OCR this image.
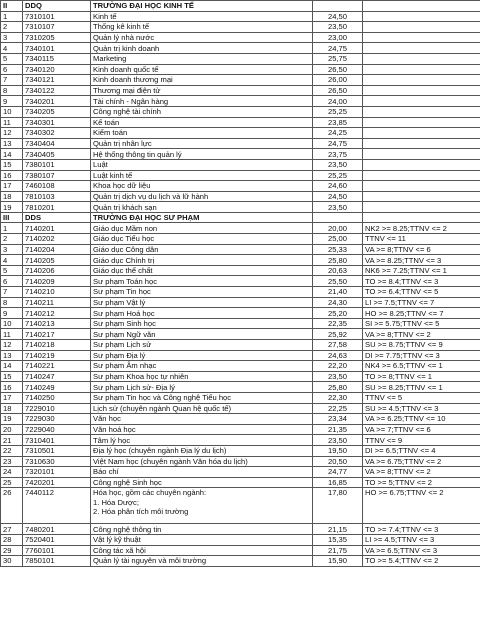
II	DDQ	TRƯỜNG ĐẠI HỌC KINH TẾ		
1	7310101	Kinh tế	24,50	
2	7310107	Thống kê kinh tế	23,50	
3	7310205	Quản lý nhà nước	23,00	
4	7340101	Quản trị kinh doanh	24,75	
5	7340115	Marketing	25,75	
6	7340120	Kinh doanh quốc tế	26,50	
7	7340121	Kinh doanh thương mại	26,00	
8	7340122	Thương mại điện tử	26,50	
9	7340201	Tài chính - Ngân hàng	24,00	
10	7340205	Công nghệ tài chính	25,25	
11	7340301	Kế toán	23,85	
12	7340302	Kiểm toán	24,25	
13	7340404	Quản trị nhân lực	24,75	
14	7340405	Hệ thống thông tin quản lý	23,75	
15	7380101	Luật	23,50	
16	7380107	Luật kinh tế	25,25	
17	7460108	Khoa học dữ liệu	24,60	
18	7810103	Quản trị dịch vụ du lịch và lữ hành	24,50	
19	7810201	Quản trị khách sạn	23,50	
III	DDS	TRƯỜNG ĐẠI HỌC SƯ PHẠM		
1	7140201	Giáo dục Mầm non	20,00	NK2 >= 8.25;TTNV <= 2
2	7140202	Giáo dục Tiểu học	25,00	TTNV <= 11
3	7140204	Giáo dục Công dân	25,33	VA >= 8;TTNV <= 6
4	7140205	Giáo dục Chính trị	25,80	VA >= 8.25;TTNV <= 3
5	7140206	Giáo dục thể chất	20,63	NK6 >= 7.25;TTNV <= 1
6	7140209	Sư phạm Toán học	25,50	TO >= 8.4;TTNV <= 3
7	7140210	Sư phạm Tin học	21,40	TO >= 6.4;TTNV <= 5
8	7140211	Sư phạm Vật lý	24,30	LI >= 7.5;TTNV <= 7
9	7140212	Sư phạm Hoá học	25,20	HO >= 8.25;TTNV <= 7
10	7140213	Sư phạm Sinh học	22,35	SI >= 5.75;TTNV <= 5
11	7140217	Sư phạm Ngữ văn	25,92	VA >= 8;TTNV <= 2
12	7140218	Sư phạm Lịch sử	27,58	SU >= 8.75;TTNV <= 9
13	7140219	Sư phạm Địa lý	24,63	DI >= 7.75;TTNV <= 3
14	7140221	Sư phạm Âm nhạc	22,20	NK4 >= 6.5;TTNV <= 1
15	7140247	Sư phạm Khoa học tự nhiên	23,50	TO >= 8;TTNV <= 1
16	7140249	Sư phạm Lịch sử- Địa lý	25,80	SU >= 8.25;TTNV <= 1
17	7140250	Sư phạm Tin học và Công nghệ Tiểu học	22,30	TTNV <= 5
18	7229010	Lịch sử (chuyên ngành Quan hệ quốc tế)	22,25	SU >= 4.5;TTNV <= 3
19	7229030	Văn học	23,34	VA >= 6.25;TTNV <= 10
20	7229040	Văn hoá học	21,35	VA >= 7;TTNV <= 6
21	7310401	Tâm lý học	23,50	TTNV <= 9
22	7310501	Địa lý học (chuyên ngành Địa lý du lịch)	19,50	DI >= 6.5;TTNV <= 4
23	7310630	Việt Nam học (chuyên ngành Văn hóa du lịch)	20,50	VA >= 6.75;TTNV <= 2
24	7320101	Báo chí	24,77	VA >= 8;TTNV <= 2
25	7420201	Công nghệ Sinh học	16,85	TO >= 5;TTNV <= 2
26	7440112	Hóa học, gồm các chuyên ngành:
1. Hóa Dược;
2. Hóa phân tích môi trường	17,80	HO >= 6.75;TTNV <= 2
27	7480201	Công nghệ thông tin	21,15	TO >= 7.4;TTNV <= 3
28	7520401	Vật lý kỹ thuật	15,35	LI >= 4.5;TTNV <= 3
29	7760101	Công tác xã hội	21,75	VA >= 6.5;TTNV <= 3
30	7850101	Quản lý tài nguyên và môi trường	15,90	TO >= 5.4;TTNV <= 2
